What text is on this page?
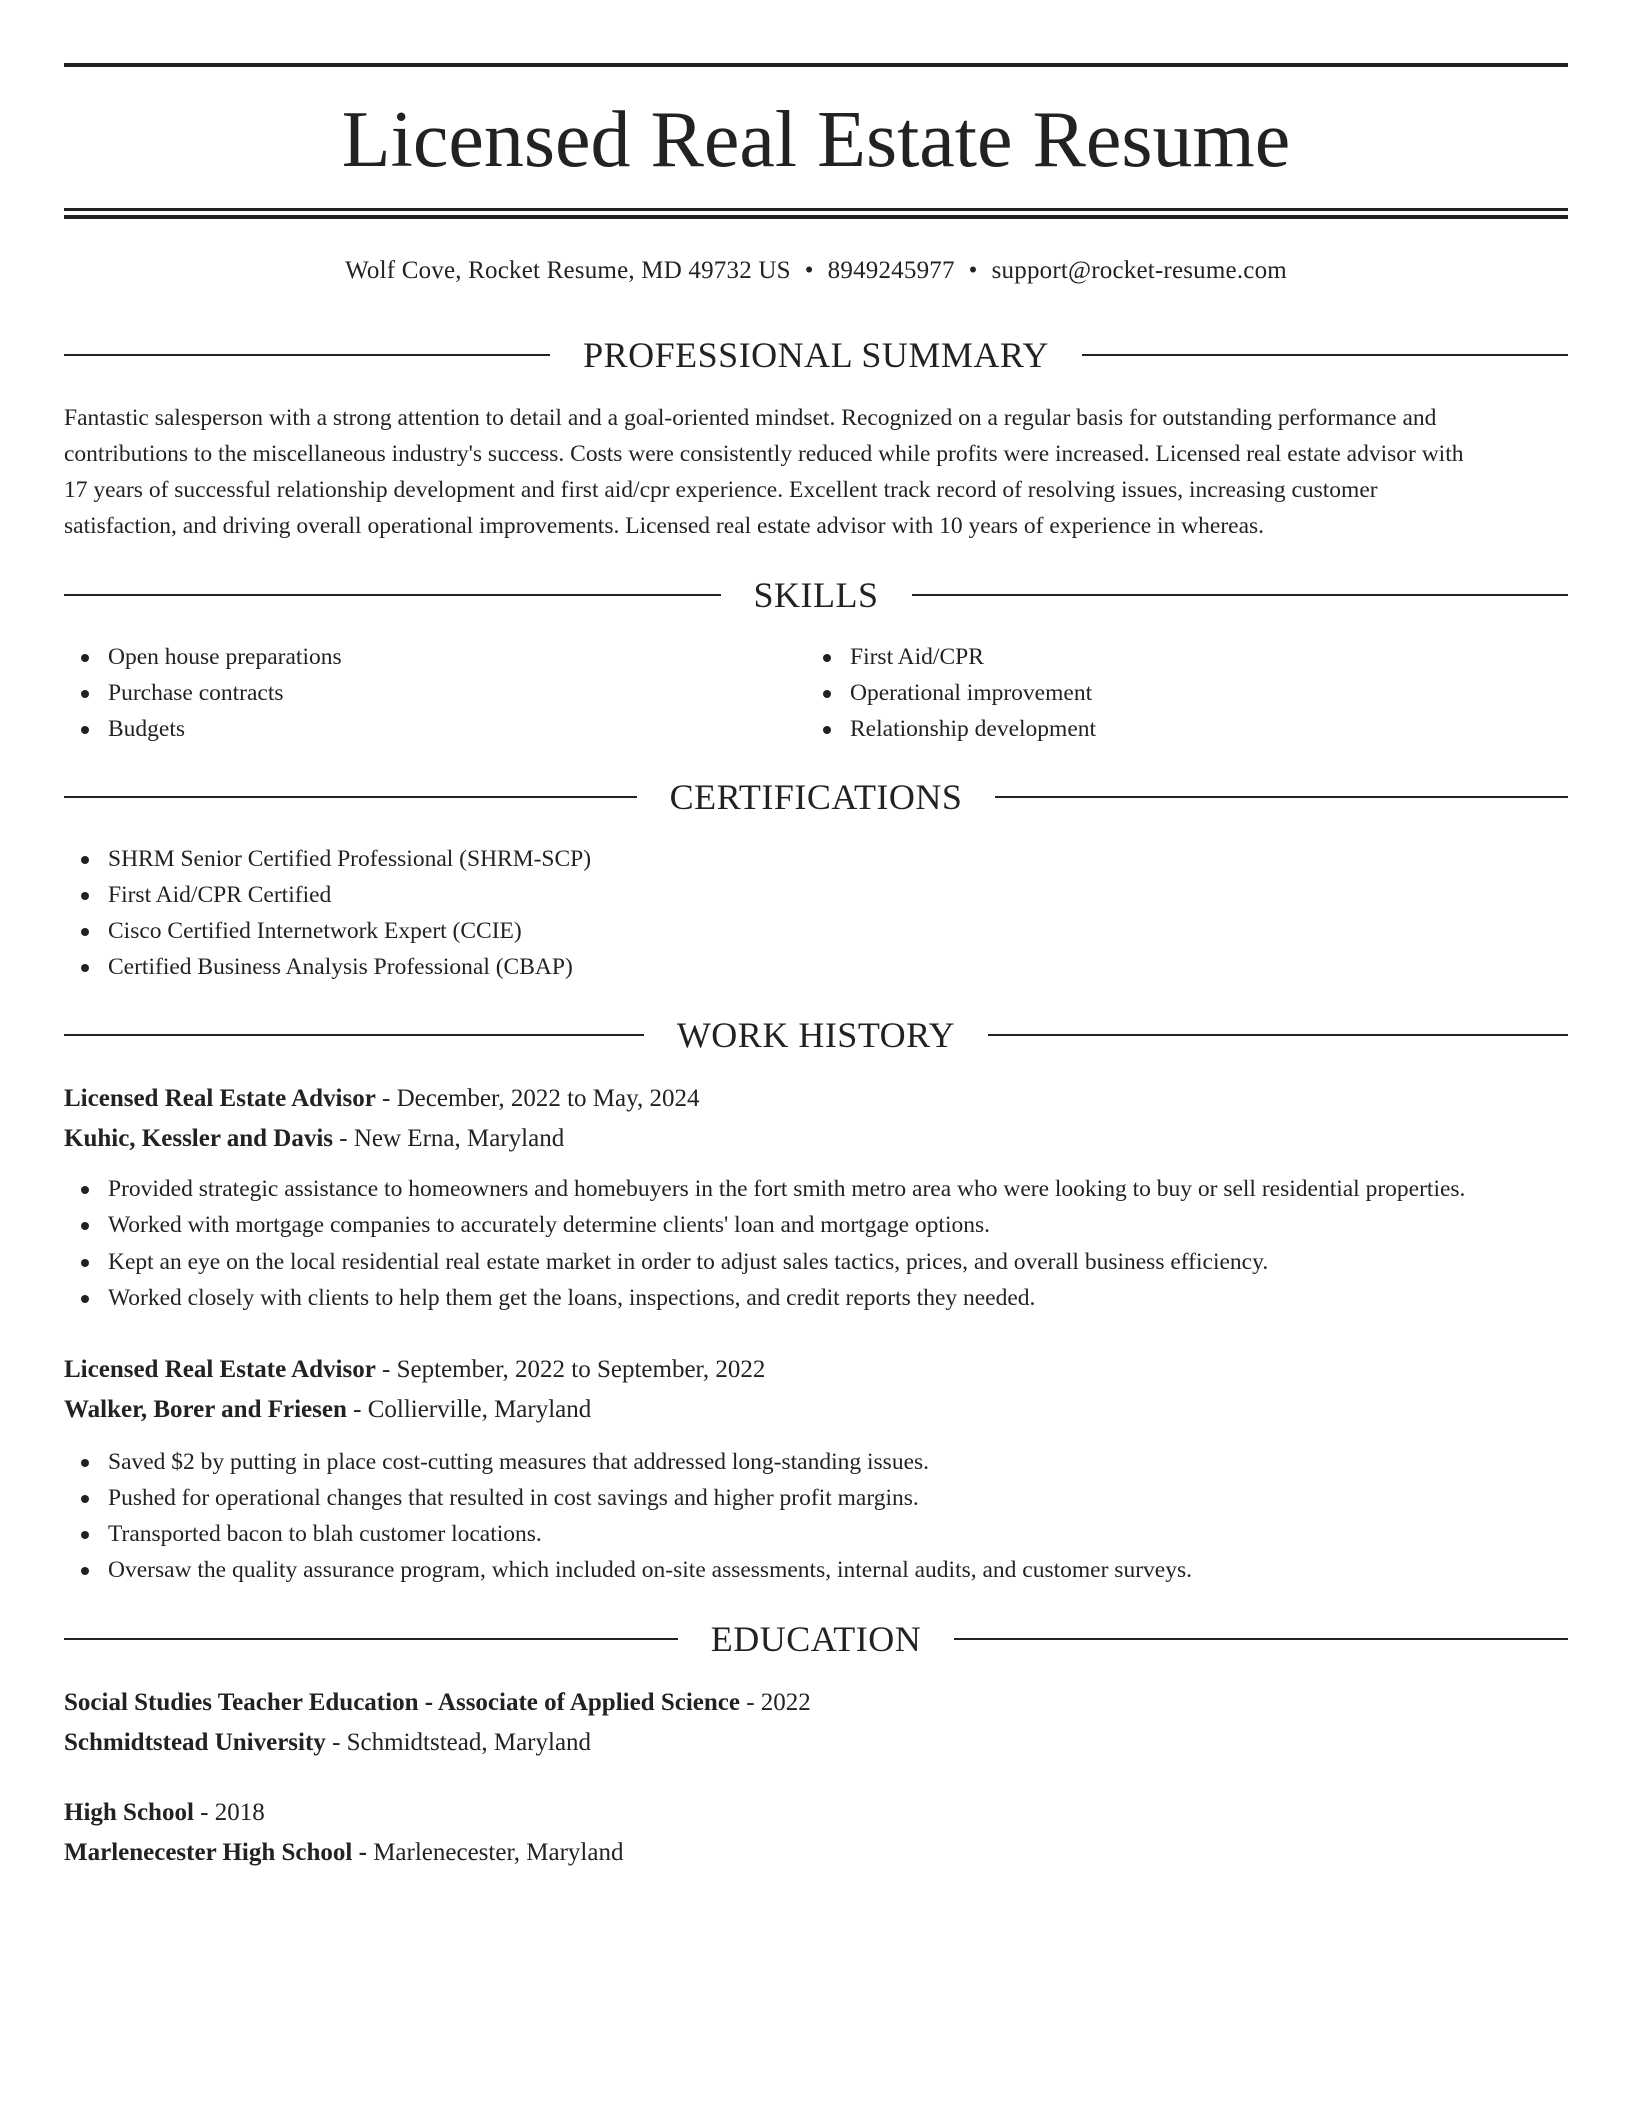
Licensed Real Estate Resume
Wolf Cove, Rocket Resume, MD 49732 US • 8949245977 • support@rocket-resume.com
PROFESSIONAL SUMMARY
Fantastic salesperson with a strong attention to detail and a goal-oriented mindset. Recognized on a regular basis for outstanding performance and
contributions to the miscellaneous industry's success. Costs were consistently reduced while profits were increased. Licensed real estate advisor with
17 years of successful relationship development and first aid/cpr experience. Excellent track record of resolving issues, increasing customer
satisfaction, and driving overall operational improvements. Licensed real estate advisor with 10 years of experience in whereas.
SKILLS
Open house preparations
Purchase contracts
Budgets
First Aid/CPR
Operational improvement
Relationship development
CERTIFICATIONS
SHRM Senior Certified Professional (SHRM-SCP)
First Aid/CPR Certified
Cisco Certified Internetwork Expert (CCIE)
Certified Business Analysis Professional (CBAP)
WORK HISTORY
Licensed Real Estate Advisor - December, 2022 to May, 2024
Kuhic, Kessler and Davis - New Erna, Maryland
Provided strategic assistance to homeowners and homebuyers in the fort smith metro area who were looking to buy or sell residential properties.
Worked with mortgage companies to accurately determine clients' loan and mortgage options.
Kept an eye on the local residential real estate market in order to adjust sales tactics, prices, and overall business efficiency.
Worked closely with clients to help them get the loans, inspections, and credit reports they needed.
Licensed Real Estate Advisor - September, 2022 to September, 2022
Walker, Borer and Friesen - Collierville, Maryland
Saved $2 by putting in place cost-cutting measures that addressed long-standing issues.
Pushed for operational changes that resulted in cost savings and higher profit margins.
Transported bacon to blah customer locations.
Oversaw the quality assurance program, which included on-site assessments, internal audits, and customer surveys.
EDUCATION
Social Studies Teacher Education - Associate of Applied Science - 2022
Schmidtstead University - Schmidtstead, Maryland
High School - 2018
Marlenecester High School - Marlenecester, Maryland
